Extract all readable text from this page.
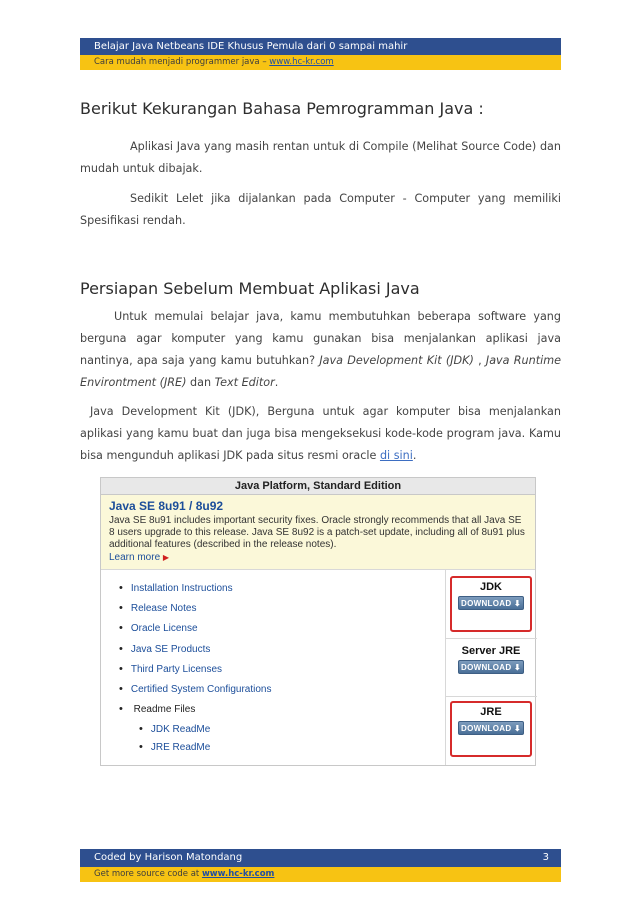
Belajar Java Netbeans IDE Khusus Pemula dari 0 sampai mahir
Cara mudah menjadi programmer java – www.hc-kr.com
Berikut Kekurangan Bahasa Pemrogramman Java :
Aplikasi Java yang masih rentan untuk di Compile (Melihat Source Code) dan mudah untuk dibajak.
Sedikit Lelet jika dijalankan pada Computer - Computer yang memiliki Spesifikasi rendah.
Persiapan Sebelum Membuat Aplikasi Java
Untuk memulai belajar java, kamu membutuhkan beberapa software yang berguna agar komputer yang kamu gunakan bisa menjalankan aplikasi java nantinya, apa saja yang kamu butuhkan? Java Development Kit (JDK) , Java Runtime Environtment (JRE) dan Text Editor.
Java Development Kit (JDK), Berguna untuk agar komputer bisa menjalankan aplikasi yang kamu buat dan juga bisa mengeksekusi kode-kode program java. Kamu bisa mengunduh aplikasi JDK pada situs resmi oracle di sini.
Java Platform, Standard Edition
Java SE 8u91 / 8u92
Java SE 8u91 includes important security fixes. Oracle strongly recommends that all Java SE 8 users upgrade to this release. Java SE 8u92 is a patch-set update, including all of 8u91 plus additional features (described in the release notes).
Learn more ▶
• Installation Instructions
• Release Notes
• Oracle License
• Java SE Products
• Third Party Licenses
• Certified System Configurations
• Readme Files
• JDK ReadMe
• JRE ReadMe
JDK
DOWNLOAD ⬇
Server JRE
DOWNLOAD ⬇
JRE
DOWNLOAD ⬇
Coded by Harison Matondang	3
Get more source code at www.hc-kr.com
